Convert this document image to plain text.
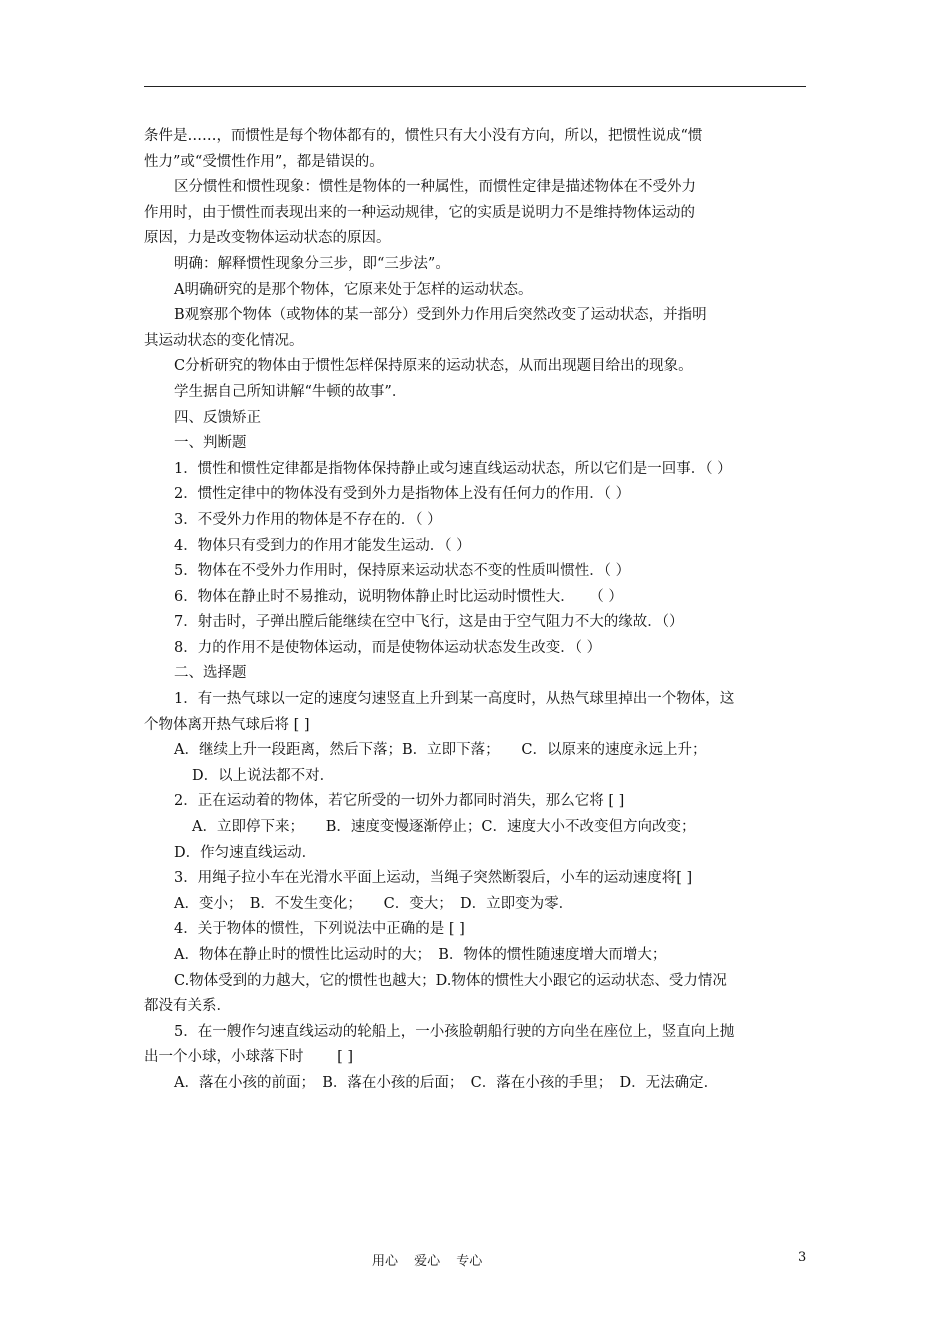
条件是……，而惯性是每个物体都有的，惯性只有大小没有方向，所以，把惯性说成“惯
性力”或“受惯性作用”，都是错误的。
区分惯性和惯性现象：惯性是物体的一种属性，而惯性定律是描述物体在不受外力
作用时，由于惯性而表现出来的一种运动规律，它的实质是说明力不是维持物体运动的
原因，力是改变物体运动状态的原因。
明确：解释惯性现象分三步，即“三步法”。
A明确研究的是那个物体，它原来处于怎样的运动状态。
B观察那个物体（或物体的某一部分）受到外力作用后突然改变了运动状态，并指明
其运动状态的变化情况。
C分析研究的物体由于惯性怎样保持原来的运动状态，从而出现题目给出的现象。
学生据自己所知讲解“牛顿的故事”．
四、反馈矫正
一、判断题
1．惯性和惯性定律都是指物体保持静止或匀速直线运动状态，所以它们是一回事．（ ）
2．惯性定律中的物体没有受到外力是指物体上没有任何力的作用．（ ）
3．不受外力作用的物体是不存在的．（ ）
4．物体只有受到力的作用才能发生运动．（ ）
5．物体在不受外力作用时，保持原来运动状态不变的性质叫惯性．（ ）
6．物体在静止时不易推动，说明物体静止时比运动时惯性大．　　（ ）
7．射击时，子弹出膛后能继续在空中飞行，这是由于空气阻力不大的缘故．（）
8．力的作用不是使物体运动，而是使物体运动状态发生改变．（ ）
二、选择题
1．有一热气球以一定的速度匀速竖直上升到某一高度时，从热气球里掉出一个物体，这
个物体离开热气球后将 [ ]
A．继续上升一段距离，然后下落；B．立即下落；　　C．以原来的速度永远上升；
D．以上说法都不对．
2．正在运动着的物体，若它所受的一切外力都同时消失，那么它将 [ ]
A．立即停下来；　　B．速度变慢逐渐停止；C．速度大小不改变但方向改变；
D．作匀速直线运动．
3．用绳子拉小车在光滑水平面上运动，当绳子突然断裂后，小车的运动速度将[ ]
A．变小；　B．不发生变化；　　C．变大；　D．立即变为零．
4．关于物体的惯性，下列说法中正确的是 [ ]
A．物体在静止时的惯性比运动时的大；　B．物体的惯性随速度增大而增大；
C.物体受到的力越大，它的惯性也越大；D.物体的惯性大小跟它的运动状态、受力情况
都没有关系．
5．在一艘作匀速直线运动的轮船上，一小孩脸朝船行驶的方向坐在座位上，竖直向上抛
出一个小球，小球落下时　　 [ ]
A．落在小孩的前面；　B．落在小孩的后面；　C．落在小孩的手里；　D．无法确定．
用心 爱心 专心	3
